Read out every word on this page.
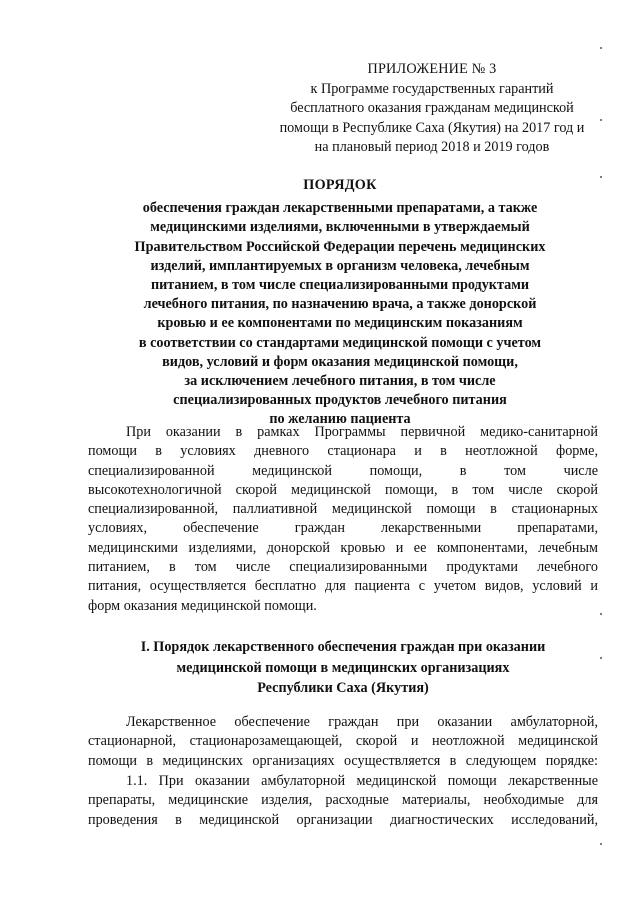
ПРИЛОЖЕНИЕ № 3
к Программе государственных гарантий
бесплатного оказания гражданам медицинской
помощи в Республике Саха (Якутия) на 2017 год и
на плановый период 2018 и 2019 годов
ПОРЯДОК
обеспечения граждан лекарственными препаратами, а также
медицинскими изделиями, включенными в утверждаемый
Правительством Российской Федерации перечень медицинских
изделий, имплантируемых в организм человека, лечебным
питанием, в том числе специализированными продуктами
лечебного питания, по назначению врача, а также донорской
кровью и ее компонентами по медицинским показаниям
в соответствии со стандартами медицинской помощи с учетом
видов, условий и форм оказания медицинской помощи,
за исключением лечебного питания, в том числе
специализированных продуктов лечебного питания
по желанию пациента
При оказании в рамках Программы первичной медико-санитарной
помощи в условиях дневного стационара и в неотложной форме,
специализированной медицинской помощи, в том числе
высокотехнологичной скорой медицинской помощи, в том числе скорой
специализированной, паллиативной медицинской помощи в стационарных
условиях, обеспечение граждан лекарственными препаратами,
медицинскими изделиями, донорской кровью и ее компонентами, лечебным
питанием, в том числе специализированными продуктами лечебного
питания, осуществляется бесплатно для пациента с учетом видов, условий и
форм оказания медицинской помощи.
I. Порядок лекарственного обеспечения граждан при оказании
медицинской помощи в медицинских организациях
Республики Саха (Якутия)
Лекарственное обеспечение граждан при оказании амбулаторной,
стационарной, стационарозамещающей, скорой и неотложной медицинской
помощи в медицинских организациях осуществляется в следующем порядке:
1.1. При оказании амбулаторной медицинской помощи лекарственные
препараты, медицинские изделия, расходные материалы, необходимые для
проведения в медицинской организации диагностических исследований,
